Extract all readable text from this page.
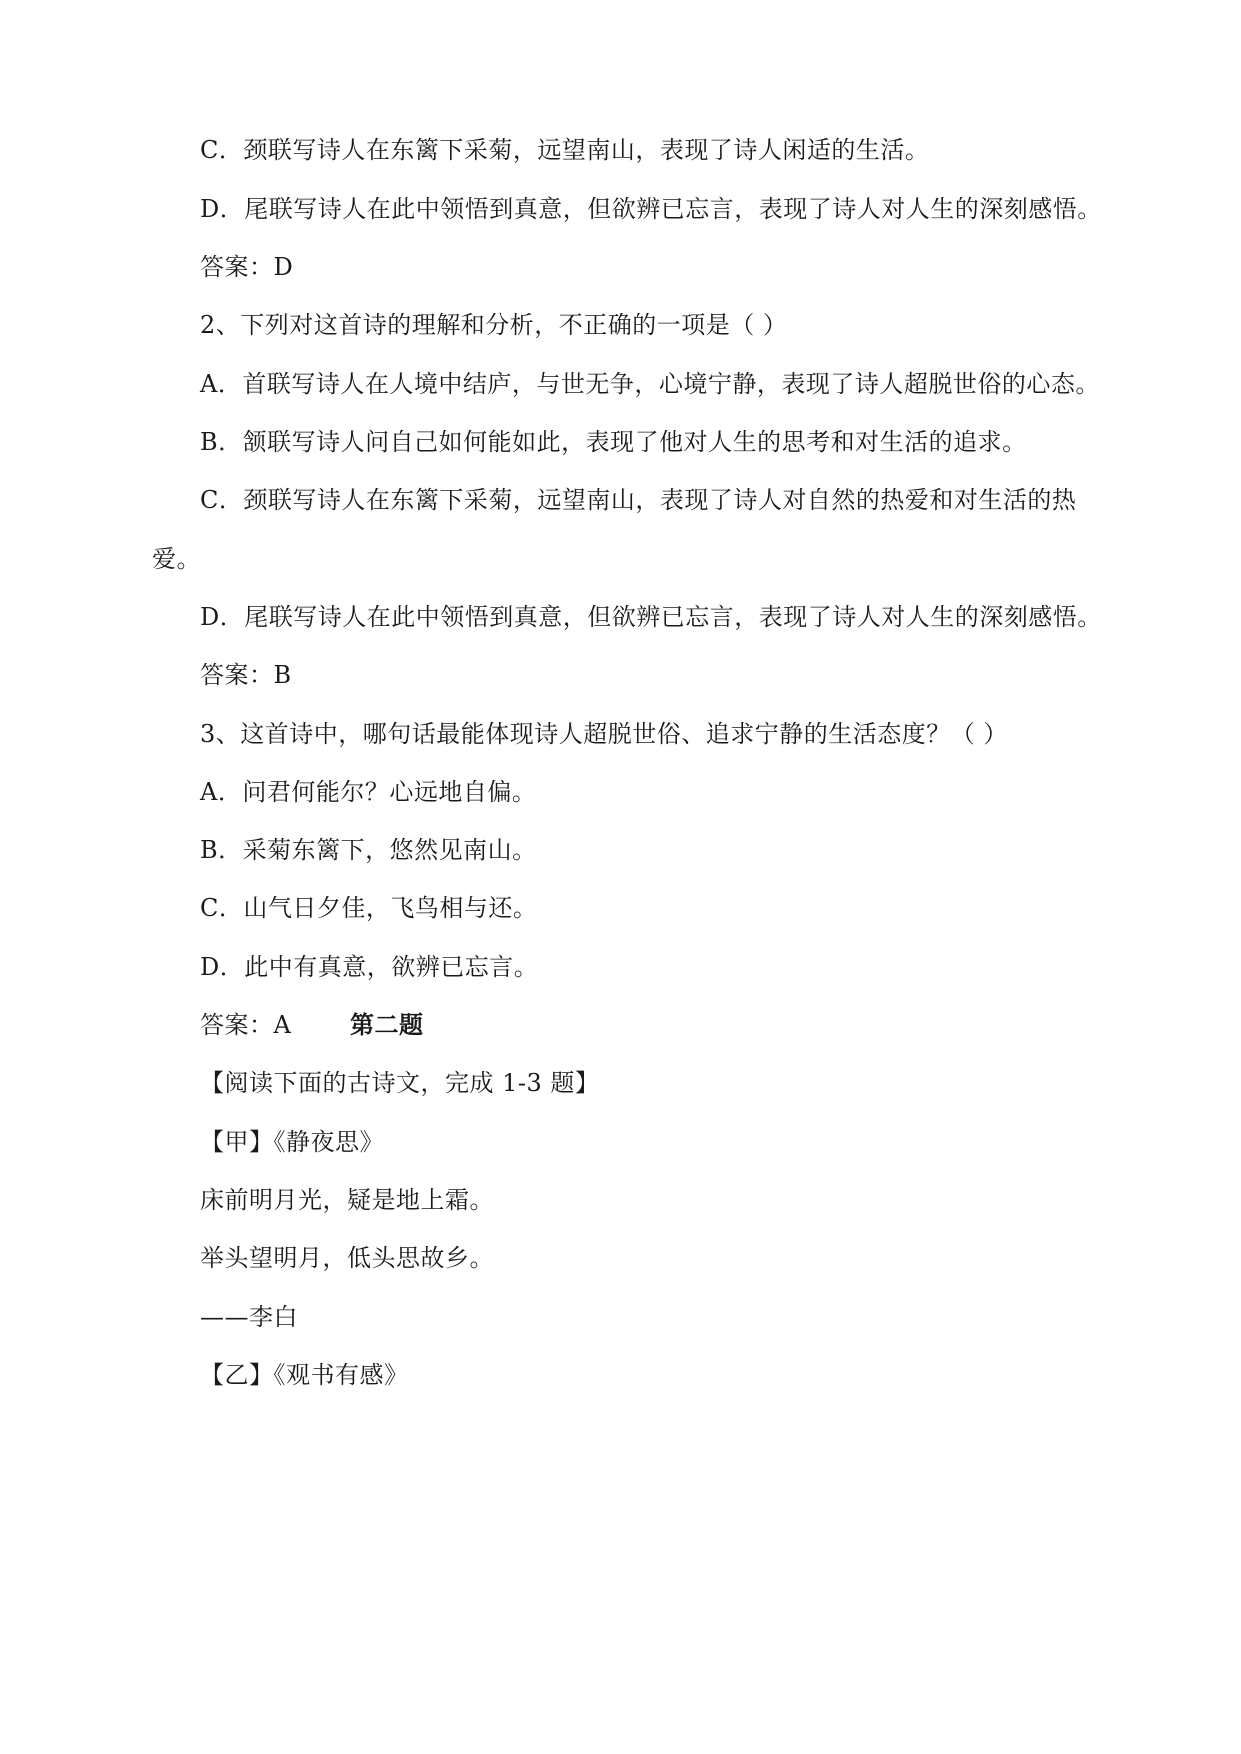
C．颈联写诗人在东篱下采菊，远望南山，表现了诗人闲适的生活。
D．尾联写诗人在此中领悟到真意，但欲辨已忘言，表现了诗人对人生的深刻感悟。
答案：D
2、下列对这首诗的理解和分析，不正确的一项是（ ）
A．首联写诗人在人境中结庐，与世无争，心境宁静，表现了诗人超脱世俗的心态。
B．颔联写诗人问自己如何能如此，表现了他对人生的思考和对生活的追求。
C．颈联写诗人在东篱下采菊，远望南山，表现了诗人对自然的热爱和对生活的热
爱。
D．尾联写诗人在此中领悟到真意，但欲辨已忘言，表现了诗人对人生的深刻感悟。
答案：B
3、这首诗中，哪句话最能体现诗人超脱世俗、追求宁静的生活态度？（ ）
A．问君何能尔？心远地自偏。
B．采菊东篱下，悠然见南山。
C．山气日夕佳，飞鸟相与还。
D．此中有真意，欲辨已忘言。
答案：A 第二题
【阅读下面的古诗文，完成 1-3 题】
【甲】《静夜思》
床前明月光，疑是地上霜。
举头望明月，低头思故乡。
——李白
【乙】《观书有感》
